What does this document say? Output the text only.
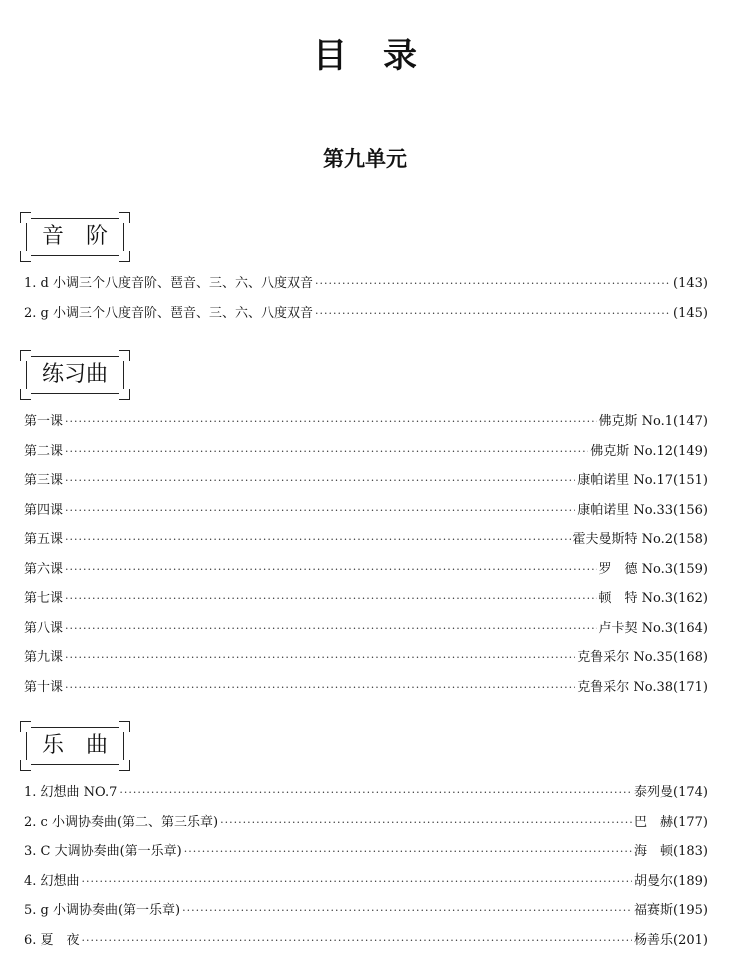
目录
第九单元
音　阶
1. d 小调三个八度音阶、琶音、三、六、八度双音 ·····	(143)
2. g 小调三个八度音阶、琶音、三、六、八度双音 ·····	(145)
练习曲
第一课 ·····	佛克斯 No.1(147)
第二课 ·····	佛克斯 No.12(149)
第三课 ·····	康帕诺里 No.17(151)
第四课 ·····	康帕诺里 No.33(156)
第五课 ·····	霍夫曼斯特 No.2(158)
第六课 ·····	罗　德 No.3(159)
第七课 ·····	顿　特 No.3(162)
第八课 ·····	卢卡契 No.3(164)
第九课 ·····	克鲁采尔 No.35(168)
第十课 ·····	克鲁采尔 No.38(171)
乐　曲
1. 幻想曲 NO.7 ·····	泰列曼(174)
2. c 小调协奏曲(第二、第三乐章) ·····	巴　赫(177)
3. C 大调协奏曲(第一乐章) ·····	海　顿(183)
4. 幻想曲 ·····	胡曼尔(189)
5. g 小调协奏曲(第一乐章) ·····	福赛斯(195)
6. 夏　夜 ·····	杨善乐(201)
